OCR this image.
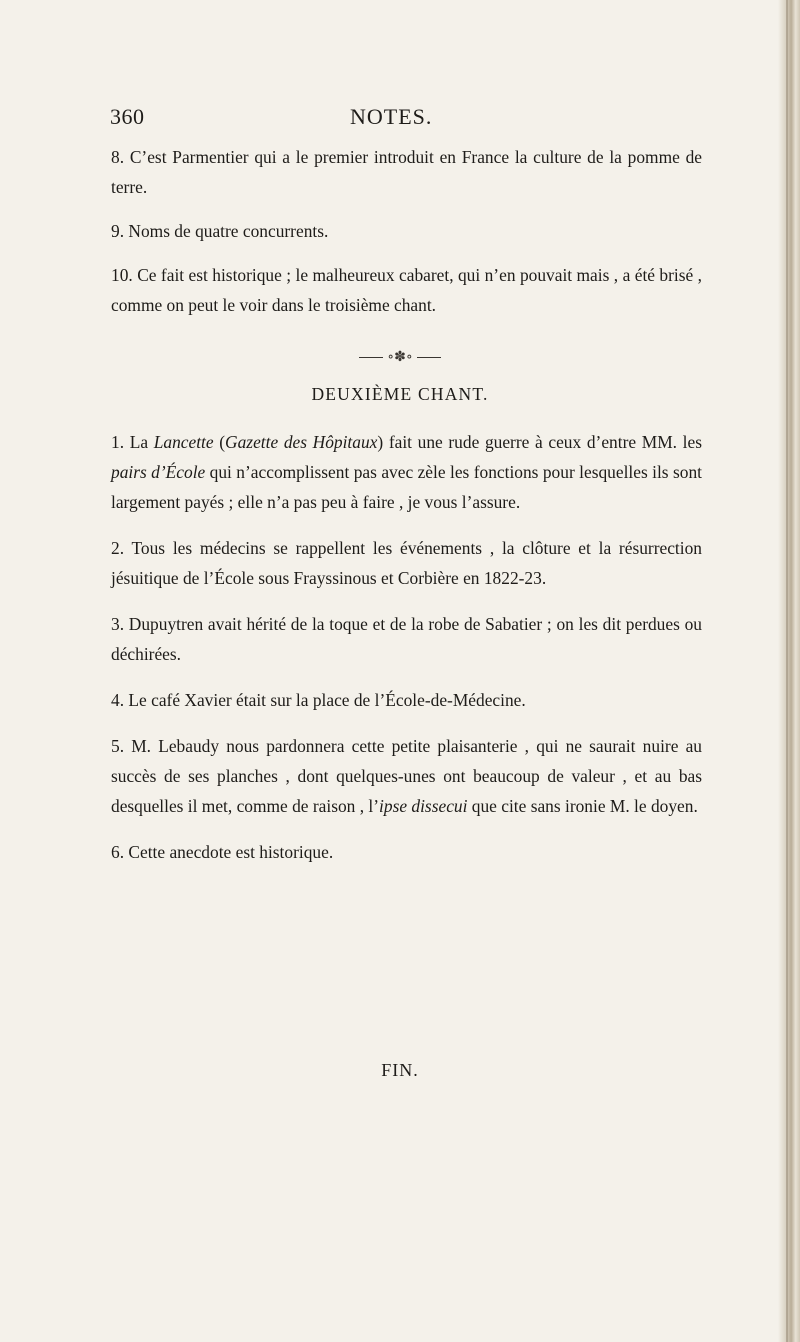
360	NOTES.

8. C’est Parmentier qui a le premier introduit en France la culture de la pomme de terre.

9. Noms de quatre concurrents.

10. Ce fait est historique ; le malheureux cabaret, qui n’en pouvait mais , a été brisé , comme on peut le voir dans le troisième chant.

∘✽∘
DEUXIÈME CHANT.

1. La Lancette (Gazette des Hôpitaux) fait une rude guerre à ceux d’entre MM. les pairs d’École qui n’accomplissent pas avec zèle les fonctions pour lesquelles ils sont largement payés ; elle n’a pas peu à faire , je vous l’assure.

2. Tous les médecins se rappellent les événements , la clôture et la résurrection jésuitique de l’École sous Frayssinous et Corbière en 1822-23.

3. Dupuytren avait hérité de la toque et de la robe de Sabatier ; on les dit perdues ou déchirées.

4. Le café Xavier était sur la place de l’École-de-Médecine.

5. M. Lebaudy nous pardonnera cette petite plaisanterie , qui ne saurait nuire au succès de ses planches , dont quelques-unes ont beaucoup de valeur , et au bas desquelles il met, comme de raison , l’ipse dissecui que cite sans ironie M. le doyen.

6. Cette anecdote est historique.

FIN.
